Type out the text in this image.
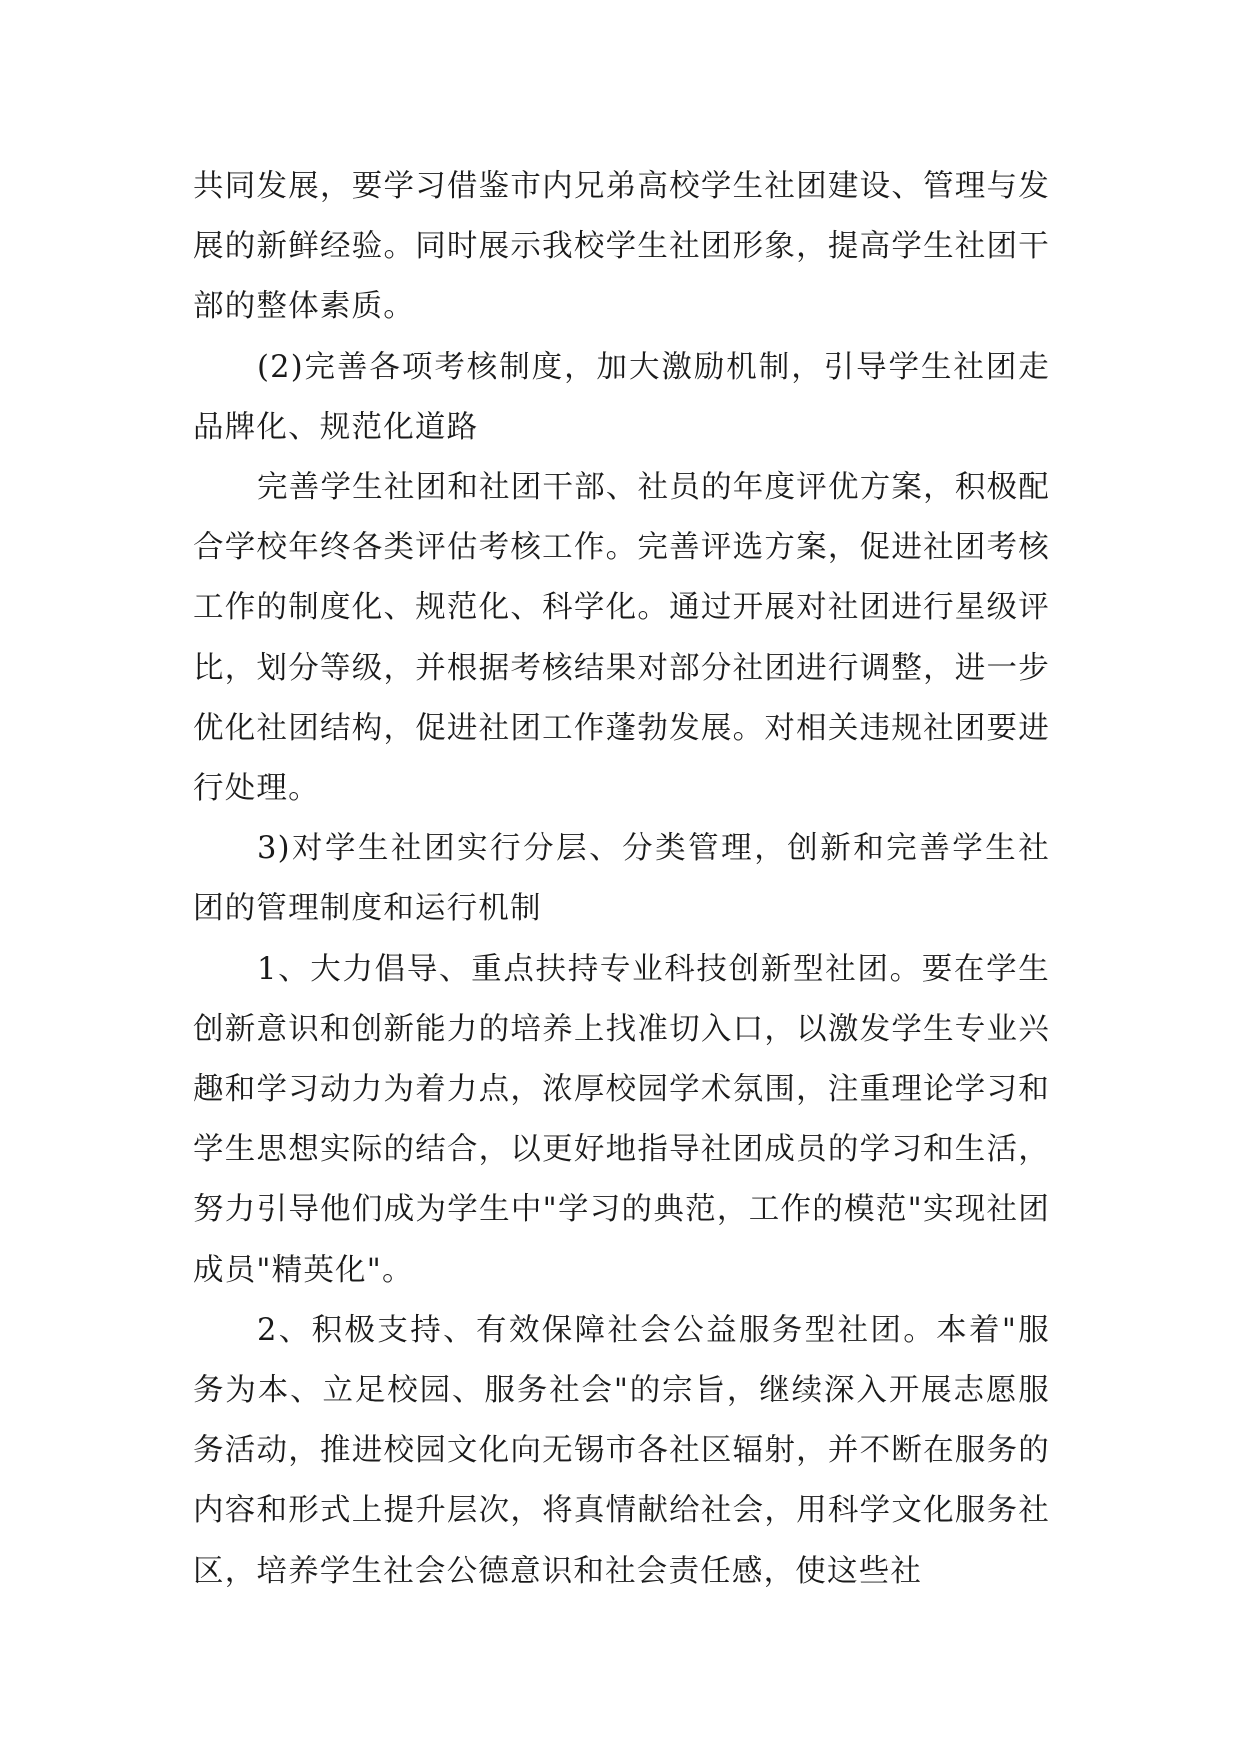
共同发展，要学习借鉴市内兄弟高校学生社团建设、管理与发展的新鲜经验。同时展示我校学生社团形象，提高学生社团干部的整体素质。

(2)完善各项考核制度，加大激励机制，引导学生社团走品牌化、规范化道路

完善学生社团和社团干部、社员的年度评优方案，积极配合学校年终各类评估考核工作。完善评选方案，促进社团考核工作的制度化、规范化、科学化。通过开展对社团进行星级评比，划分等级，并根据考核结果对部分社团进行调整，进一步优化社团结构，促进社团工作蓬勃发展。对相关违规社团要进行处理。

3)对学生社团实行分层、分类管理，创新和完善学生社团的管理制度和运行机制

1、大力倡导、重点扶持专业科技创新型社团。要在学生创新意识和创新能力的培养上找准切入口，以激发学生专业兴趣和学习动力为着力点，浓厚校园学术氛围，注重理论学习和学生思想实际的结合，以更好地指导社团成员的学习和生活，努力引导他们成为学生中"学习的典范，工作的模范"实现社团成员"精英化"。

2、积极支持、有效保障社会公益服务型社团。本着"服务为本、立足校园、服务社会"的宗旨，继续深入开展志愿服务活动，推进校园文化向无锡市各社区辐射，并不断在服务的内容和形式上提升层次，将真情献给社会，用科学文化服务社区，培养学生社会公德意识和社会责任感，使这些社
